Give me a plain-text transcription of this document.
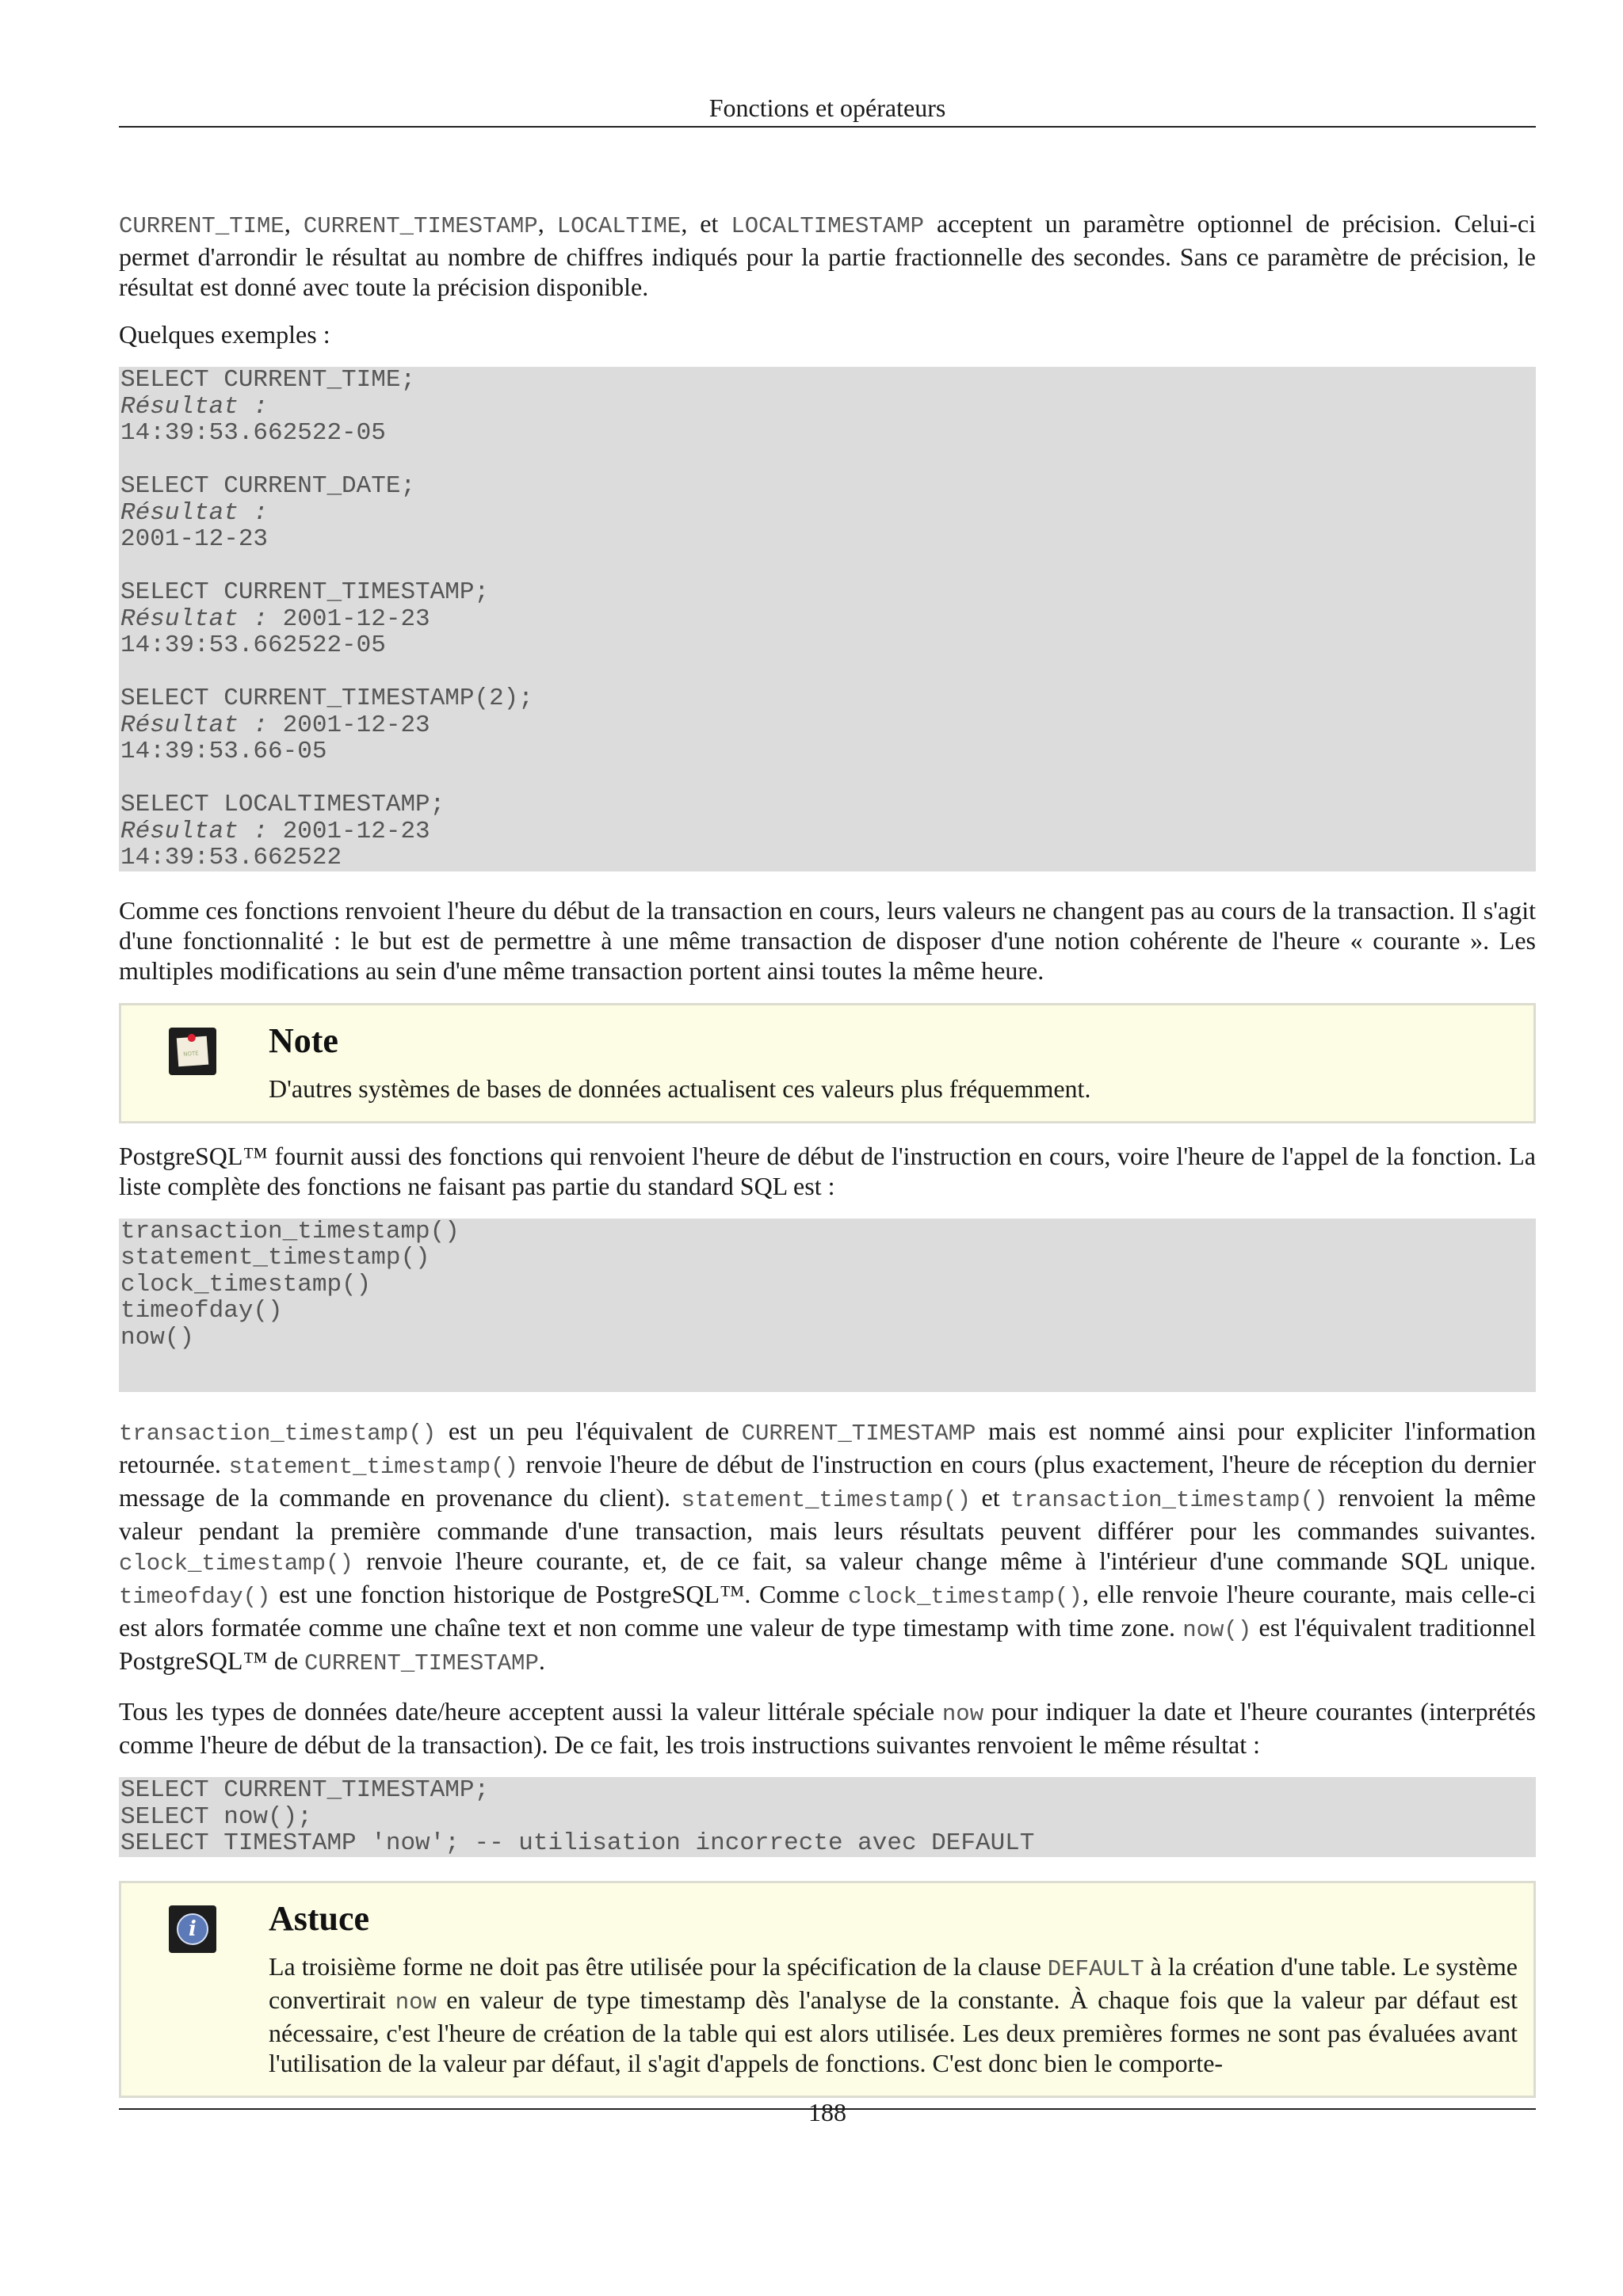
Fonctions et opérateurs

CURRENT_TIME, CURRENT_TIMESTAMP, LOCALTIME, et LOCALTIMESTAMP acceptent un paramètre optionnel de précision. Celui-ci permet d'arrondir le résultat au nombre de chiffres indiqués pour la partie fractionnelle des secondes. Sans ce paramètre de précision, le résultat est donné avec toute la précision disponible.

Quelques exemples :

SELECT CURRENT_TIME;
Résultat :
14:39:53.662522-05
SELECT CURRENT_DATE;
Résultat :
2001-12-23
SELECT CURRENT_TIMESTAMP;
Résultat : 2001-12-23
14:39:53.662522-05
SELECT CURRENT_TIMESTAMP(2);
Résultat : 2001-12-23
14:39:53.66-05
SELECT LOCALTIMESTAMP;
Résultat : 2001-12-23
14:39:53.662522

Comme ces fonctions renvoient l'heure du début de la transaction en cours, leurs valeurs ne changent pas au cours de la transaction. Il s'agit d'une fonctionnalité : le but est de permettre à une même transaction de disposer d'une notion cohérente de l'heure « courante ». Les multiples modifications au sein d'une même transaction portent ainsi toutes la même heure.

NOTE Note

D'autres systèmes de bases de données actualisent ces valeurs plus fréquemment.

PostgreSQL™ fournit aussi des fonctions qui renvoient l'heure de début de l'instruction en cours, voire l'heure de l'appel de la fonction. La liste complète des fonctions ne faisant pas partie du standard SQL est :

transaction_timestamp()
statement_timestamp()
clock_timestamp()
timeofday()
now()

transaction_timestamp() est un peu l'équivalent de CURRENT_TIMESTAMP mais est nommé ainsi pour expliciter l'information retournée. statement_timestamp() renvoie l'heure de début de l'instruction en cours (plus exactement, l'heure de réception du dernier message de la commande en provenance du client). statement_timestamp() et transaction_timestamp() renvoient la même valeur pendant la première commande d'une transaction, mais leurs résultats peuvent différer pour les commandes suivantes. clock_timestamp() renvoie l'heure courante, et, de ce fait, sa valeur change même à l'intérieur d'une commande SQL unique. timeofday() est une fonction historique de PostgreSQL™. Comme clock_timestamp(), elle renvoie l'heure courante, mais celle-ci est alors formatée comme une chaîne text et non comme une valeur de type timestamp with time zone. now() est l'équivalent traditionnel PostgreSQL™ de CURRENT_TIMESTAMP.

Tous les types de données date/heure acceptent aussi la valeur littérale spéciale now pour indiquer la date et l'heure courantes (interprétés comme l'heure de début de la transaction). De ce fait, les trois instructions suivantes renvoient le même résultat :

SELECT CURRENT_TIMESTAMP;
SELECT now();
SELECT TIMESTAMP 'now'; -- utilisation incorrecte avec DEFAULT
i	Astuce

La troisième forme ne doit pas être utilisée pour la spécification de la clause DEFAULT à la création d'une table. Le système convertirait now en valeur de type timestamp dès l'analyse de la constante. À chaque fois que la valeur par défaut est nécessaire, c'est l'heure de création de la table qui est alors utilisée. Les deux premières formes ne sont pas évaluées avant l'utilisation de la valeur par défaut, il s'agit d'appels de fonctions. C'est donc bien le comporte-

188
